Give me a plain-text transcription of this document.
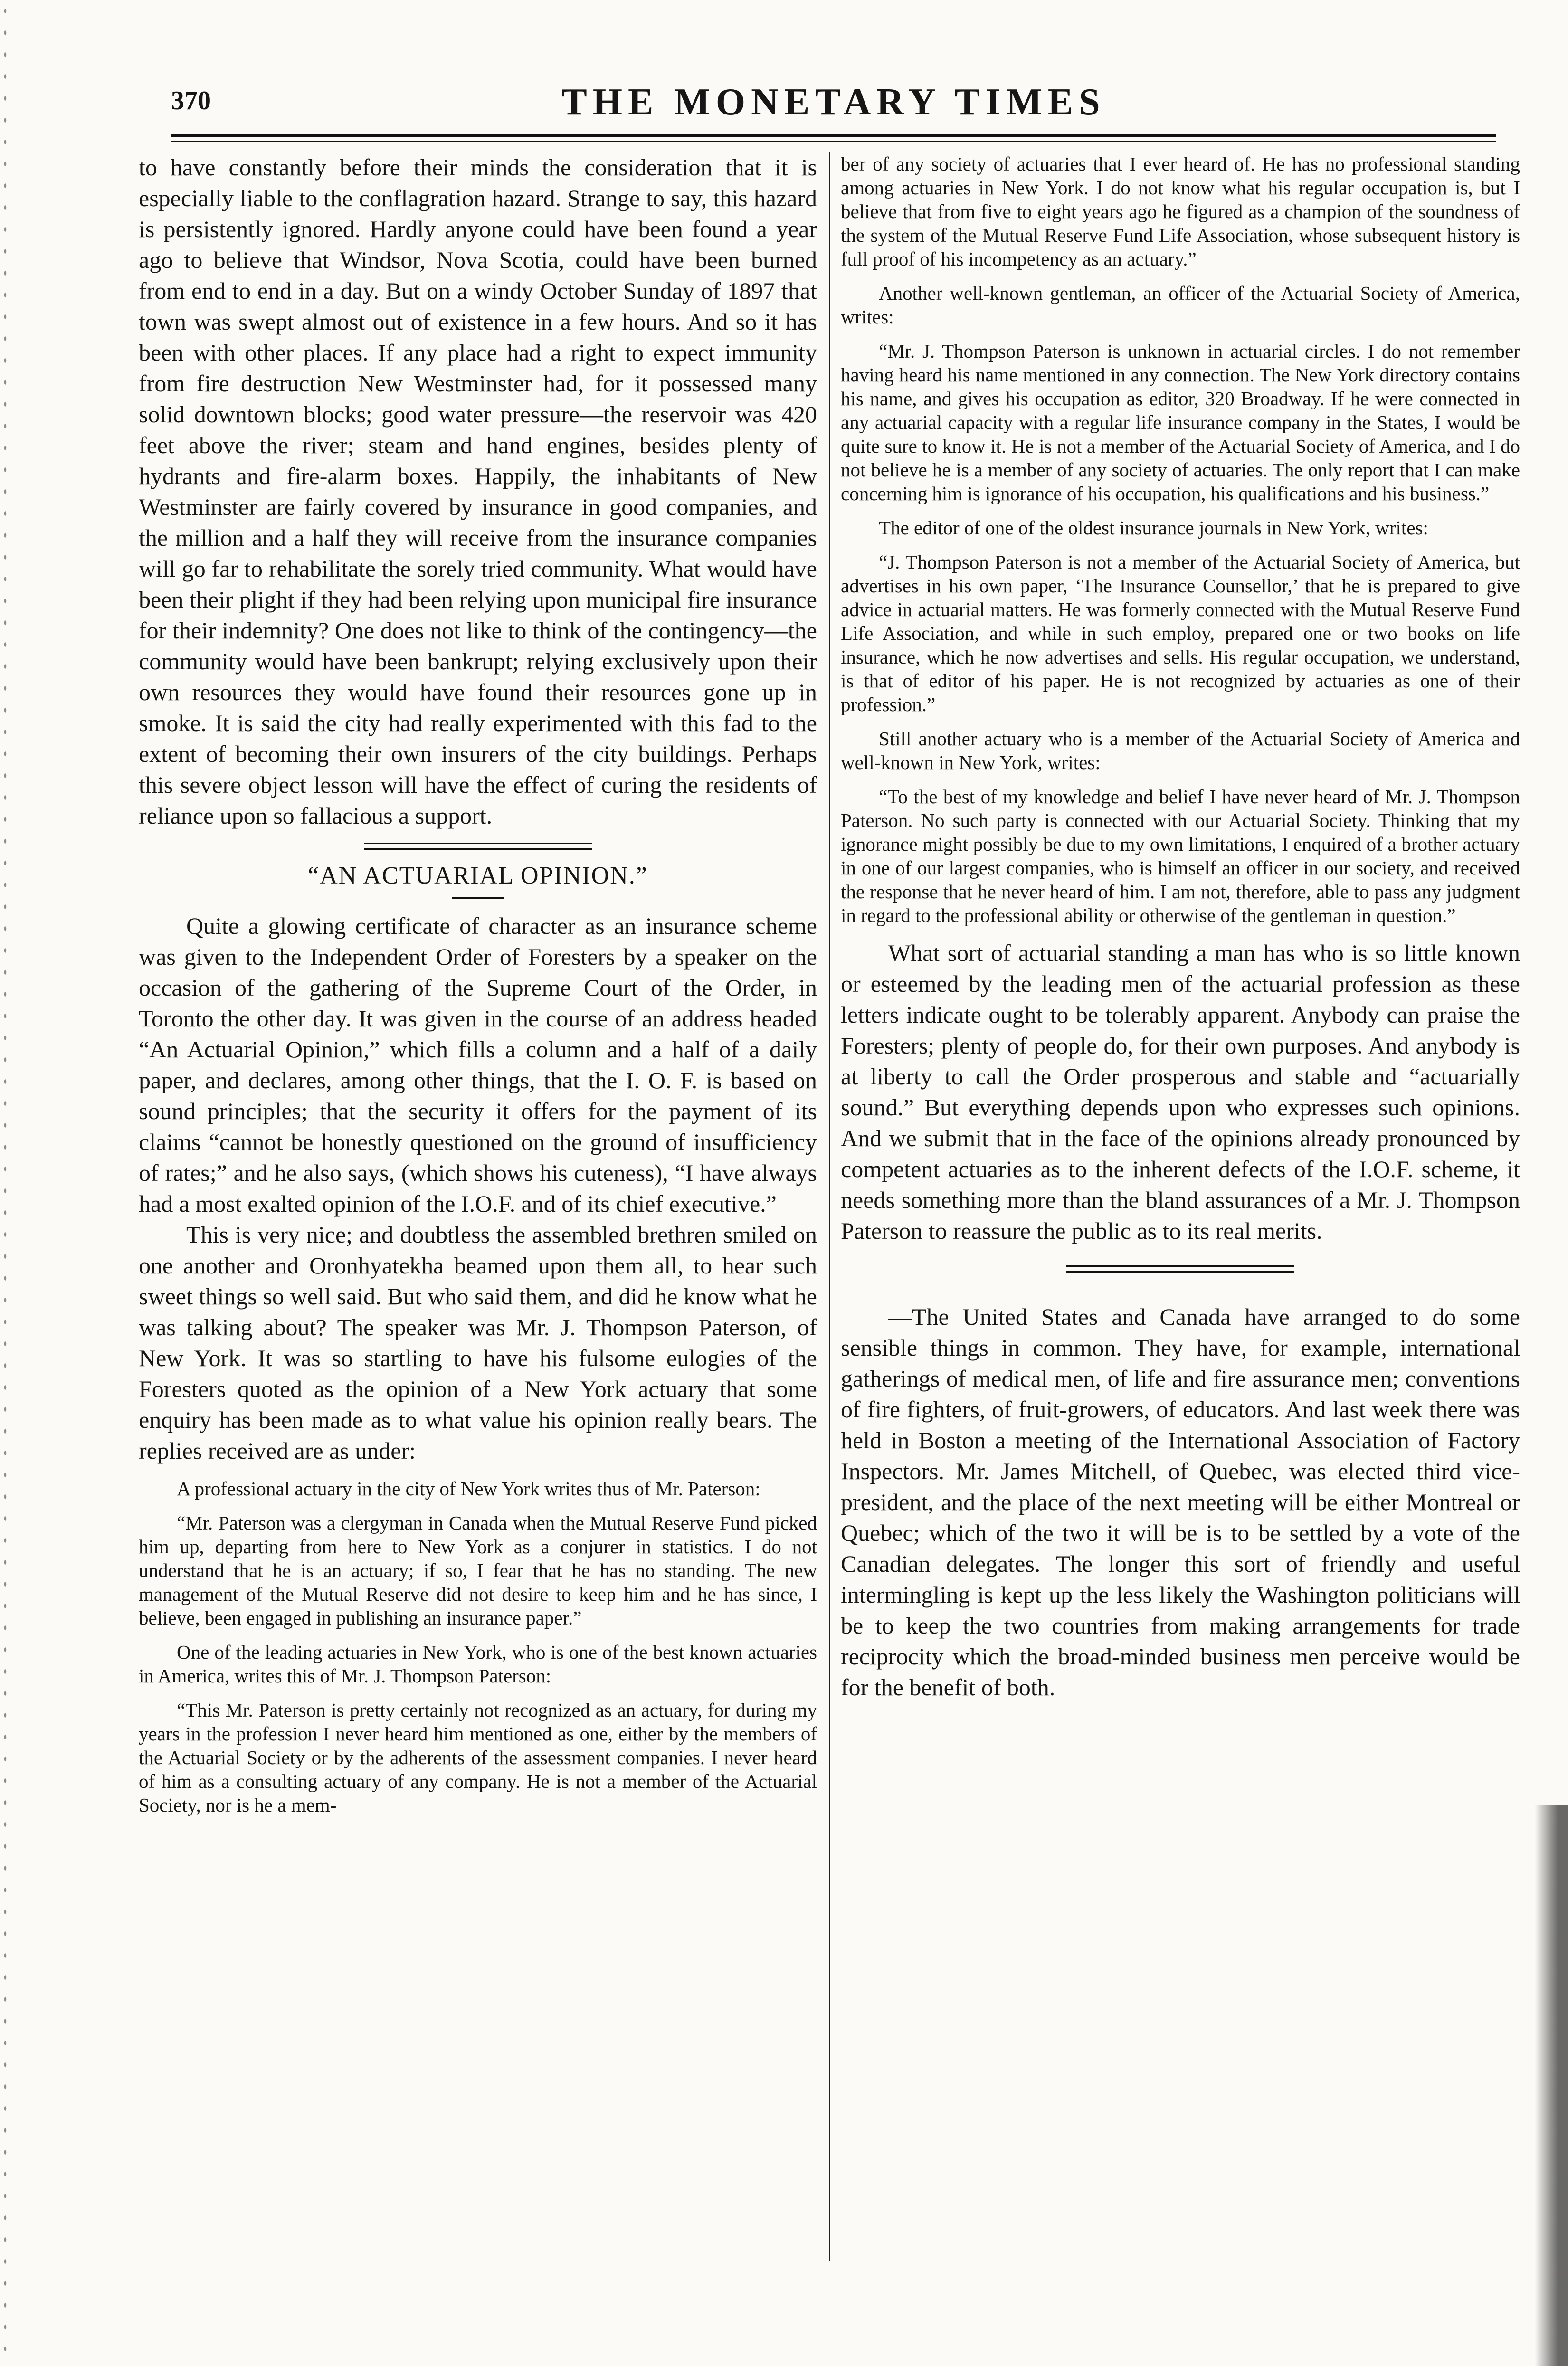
370	THE MONETARY TIMES

to have constantly before their minds the consideration that it is especially liable to the conflagration hazard. Strange to say, this hazard is persistently ignored. Hardly anyone could have been found a year ago to believe that Windsor, Nova Scotia, could have been burned from end to end in a day. But on a windy October Sunday of 1897 that town was swept almost out of existence in a few hours. And so it has been with other places. If any place had a right to expect immunity from fire destruction New Westminster had, for it possessed many solid downtown blocks; good water pressure—the reservoir was 420 feet above the river; steam and hand engines, besides plenty of hydrants and fire-alarm boxes. Happily, the inhabitants of New Westminster are fairly covered by insurance in good companies, and the million and a half they will receive from the insurance companies will go far to rehabilitate the sorely tried community. What would have been their plight if they had been relying upon municipal fire insurance for their indemnity? One does not like to think of the contingency—the community would have been bankrupt; relying exclusively upon their own resources they would have found their resources gone up in smoke. It is said the city had really experimented with this fad to the extent of becoming their own insurers of the city buildings. Perhaps this severe object lesson will have the effect of curing the residents of reliance upon so fallacious a support.

“AN ACTUARIAL OPINION.”

Quite a glowing certificate of character as an insurance scheme was given to the Independent Order of Foresters by a speaker on the occasion of the gathering of the Supreme Court of the Order, in Toronto the other day. It was given in the course of an address headed “An Actuarial Opinion,” which fills a column and a half of a daily paper, and declares, among other things, that the I. O. F. is based on sound principles; that the security it offers for the payment of its claims “cannot be honestly questioned on the ground of insufficiency of rates;” and he also says, (which shows his cuteness), “I have always had a most exalted opinion of the I.O.F. and of its chief executive.”

This is very nice; and doubtless the assembled brethren smiled on one another and Oronhyatekha beamed upon them all, to hear such sweet things so well said. But who said them, and did he know what he was talking about? The speaker was Mr. J. Thompson Paterson, of New York. It was so startling to have his fulsome eulogies of the Foresters quoted as the opinion of a New York actuary that some enquiry has been made as to what value his opinion really bears. The replies received are as under:

A professional actuary in the city of New York writes thus of Mr. Paterson:

“Mr. Paterson was a clergyman in Canada when the Mutual Reserve Fund picked him up, departing from here to New York as a conjurer in statistics. I do not understand that he is an actuary; if so, I fear that he has no standing. The new management of the Mutual Reserve did not desire to keep him and he has since, I believe, been engaged in publishing an insurance paper.”

One of the leading actuaries in New York, who is one of the best known actuaries in America, writes this of Mr. J. Thompson Paterson:

“This Mr. Paterson is pretty certainly not recognized as an actuary, for during my years in the profession I never heard him mentioned as one, either by the members of the Actuarial Society or by the adherents of the assessment companies. I never heard of him as a consulting actuary of any company. He is not a member of the Actuarial Society, nor is he a mem-

ber of any society of actuaries that I ever heard of. He has no professional standing among actuaries in New York. I do not know what his regular occupation is, but I believe that from five to eight years ago he figured as a champion of the soundness of the system of the Mutual Reserve Fund Life Association, whose subsequent history is full proof of his incompetency as an actuary.”

Another well-known gentleman, an officer of the Actuarial Society of America, writes:

“Mr. J. Thompson Paterson is unknown in actuarial circles. I do not remember having heard his name mentioned in any connection. The New York directory contains his name, and gives his occupation as editor, 320 Broadway. If he were connected in any actuarial capacity with a regular life insurance company in the States, I would be quite sure to know it. He is not a member of the Actuarial Society of America, and I do not believe he is a member of any society of actuaries. The only report that I can make concerning him is ignorance of his occupation, his qualifications and his business.”

The editor of one of the oldest insurance journals in New York, writes:

“J. Thompson Paterson is not a member of the Actuarial Society of America, but advertises in his own paper, ‘The Insurance Counsellor,’ that he is prepared to give advice in actuarial matters. He was formerly connected with the Mutual Reserve Fund Life Association, and while in such employ, prepared one or two books on life insurance, which he now advertises and sells. His regular occupation, we understand, is that of editor of his paper. He is not recognized by actuaries as one of their profession.”

Still another actuary who is a member of the Actuarial Society of America and well-known in New York, writes:

“To the best of my knowledge and belief I have never heard of Mr. J. Thompson Paterson. No such party is connected with our Actuarial Society. Thinking that my ignorance might possibly be due to my own limitations, I enquired of a brother actuary in one of our largest companies, who is himself an officer in our society, and received the response that he never heard of him. I am not, therefore, able to pass any judgment in regard to the professional ability or otherwise of the gentleman in question.”

What sort of actuarial standing a man has who is so little known or esteemed by the leading men of the actuarial profession as these letters indicate ought to be tolerably apparent. Anybody can praise the Foresters; plenty of people do, for their own purposes. And anybody is at liberty to call the Order prosperous and stable and “actuarially sound.” But everything depends upon who expresses such opinions. And we submit that in the face of the opinions already pronounced by competent actuaries as to the inherent defects of the I.O.F. scheme, it needs something more than the bland assurances of a Mr. J. Thompson Paterson to reassure the public as to its real merits.

—The United States and Canada have arranged to do some sensible things in common. They have, for example, international gatherings of medical men, of life and fire assurance men; conventions of fire fighters, of fruit-growers, of educators. And last week there was held in Boston a meeting of the International Association of Factory Inspectors. Mr. James Mitchell, of Quebec, was elected third vice-president, and the place of the next meeting will be either Montreal or Quebec; which of the two it will be is to be settled by a vote of the Canadian delegates. The longer this sort of friendly and useful intermingling is kept up the less likely the Washington politicians will be to keep the two countries from making arrangements for trade reciprocity which the broad-minded business men perceive would be for the benefit of both.
